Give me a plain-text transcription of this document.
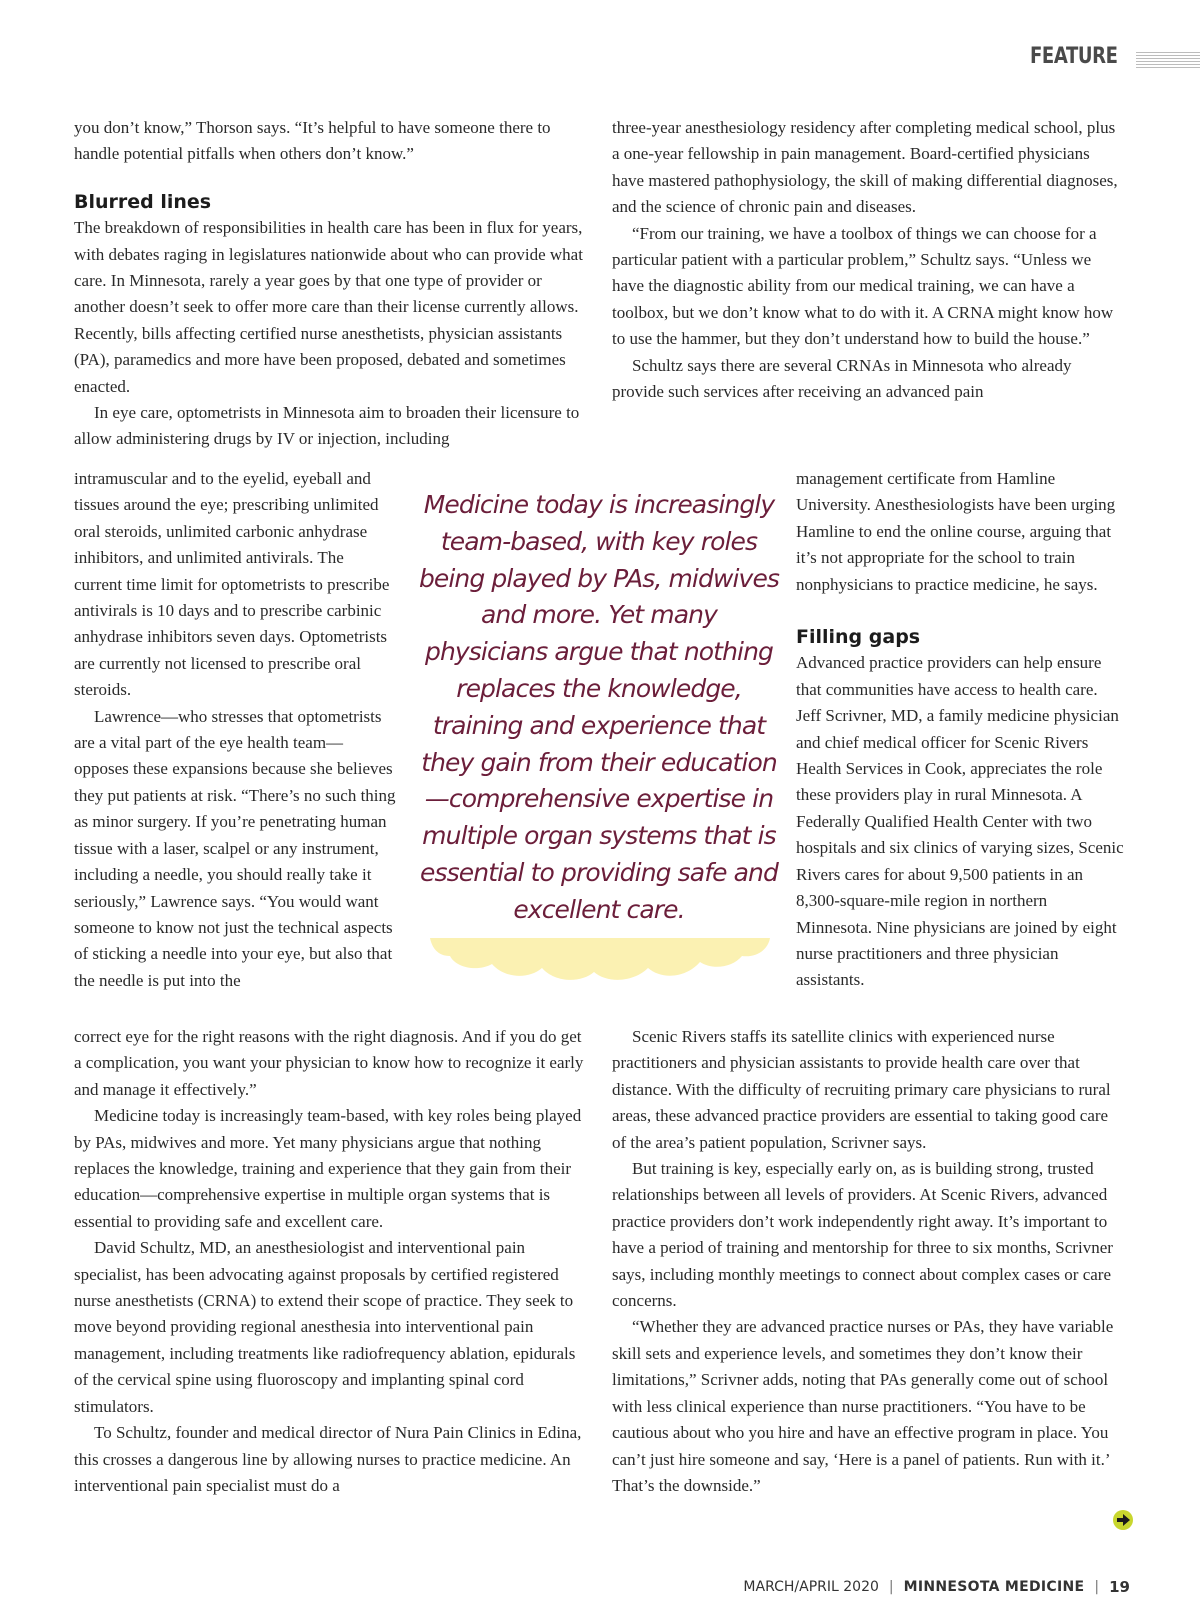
FEATURE

you don’t know,” Thorson says. “It’s helpful to have someone there to handle potential pitfalls when others don’t know.”

Blurred lines

The breakdown of responsibilities in health care has been in flux for years, with debates raging in legislatures nationwide about who can provide what care. In Minnesota, rarely a year goes by that one type of provider or another doesn’t seek to offer more care than their license currently allows. Recently, bills affecting certified nurse anesthetists, physician assistants (PA), paramedics and more have been proposed, debated and sometimes enacted.

In eye care, optometrists in Minnesota aim to broaden their licensure to allow administering drugs by IV or injection, including

intramuscular and to the eyelid, eyeball and tissues around the eye; prescribing unlimited oral steroids, unlimited carbonic anhydrase inhibitors, and unlimited antivirals. The current time limit for optometrists to prescribe antivirals is 10 days and to prescribe carbinic anhydrase inhibitors seven days. Optometrists are currently not licensed to prescribe oral steroids.

Lawrence—who stresses that optometrists are a vital part of the eye health team—opposes these expansions because she believes they put patients at risk. “There’s no such thing as minor surgery. If you’re penetrating human tissue with a laser, scalpel or any instrument, including a needle, you should really take it seriously,” Lawrence says. “You would want someone to know not just the technical aspects of sticking a needle into your eye, but also that the needle is put into the

correct eye for the right reasons with the right diagnosis. And if you do get a complication, you want your physician to know how to recognize it early and manage it effectively.”

Medicine today is increasingly team-based, with key roles being played by PAs, midwives and more. Yet many physicians argue that nothing replaces the knowledge, training and experience that they gain from their education—comprehensive expertise in multiple organ systems that is essential to providing safe and excellent care.

David Schultz, MD, an anesthesiologist and interventional pain specialist, has been advocating against proposals by certified registered nurse anesthetists (CRNA) to extend their scope of practice. They seek to move beyond providing regional anesthesia into interventional pain management, including treatments like radiofrequency ablation, epidurals of the cervical spine using fluoroscopy and implanting spinal cord stimulators.

To Schultz, founder and medical director of Nura Pain Clinics in Edina, this crosses a dangerous line by allowing nurses to practice medicine. An interventional pain specialist must do a

three-year anesthesiology residency after completing medical school, plus a one-year fellowship in pain management. Board-certified physicians have mastered pathophysiology, the skill of making differential diagnoses, and the science of chronic pain and diseases.

“From our training, we have a toolbox of things we can choose for a particular patient with a particular problem,” Schultz says. “Unless we have the diagnostic ability from our medical training, we can have a toolbox, but we don’t know what to do with it. A CRNA might know how to use the hammer, but they don’t understand how to build the house.”

Schultz says there are several CRNAs in Minnesota who already provide such services after receiving an advanced pain

management certificate from Hamline University. Anesthesiologists have been urging Hamline to end the online course, arguing that it’s not appropriate for the school to train nonphysicians to practice medicine, he says.

Filling gaps

Advanced practice providers can help ensure that communities have access to health care. Jeff Scrivner, MD, a family medicine physician and chief medical officer for Scenic Rivers Health Services in Cook, appreciates the role these providers play in rural Minnesota. A Federally Qualified Health Center with two hospitals and six clinics of varying sizes, Scenic Rivers cares for about 9,500 patients in an 8,300-square-mile region in northern Minnesota. Nine physicians are joined by eight nurse practitioners and three physician assistants.

Scenic Rivers staffs its satellite clinics with experienced nurse practitioners and physician assistants to provide health care over that distance. With the difficulty of recruiting primary care physicians to rural areas, these advanced practice providers are essential to taking good care of the area’s patient population, Scrivner says.

But training is key, especially early on, as is building strong, trusted relationships between all levels of providers. At Scenic Rivers, advanced practice providers don’t work independently right away. It’s important to have a period of training and mentorship for three to six months, Scrivner says, including monthly meetings to connect about complex cases or care concerns.

“Whether they are advanced practice nurses or PAs, they have variable skill sets and experience levels, and sometimes they don’t know their limitations,” Scrivner adds, noting that PAs generally come out of school with less clinical experience than nurse practitioners. “You have to be cautious about who you hire and have an effective program in place. You can’t just hire someone and say, ‘Here is a panel of patients. Run with it.’ That’s the downside.”

Medicine today is increasingly team-based, with key roles being played by PAs, midwives and more. Yet many physicians argue that nothing replaces the knowledge, training and experience that they gain from their education—comprehensive expertise in multiple organ systems that is essential to providing safe and excellent care.
MARCH/APRIL 2020 | MINNESOTA MEDICINE | 19
